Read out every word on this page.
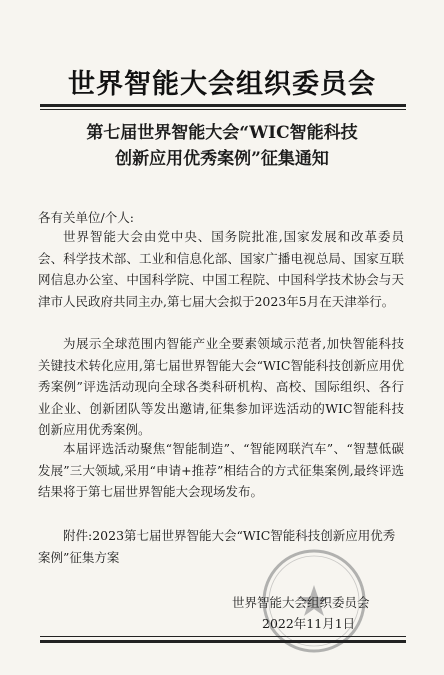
世界智能大会组织委员会
第七届世界智能大会“WIC智能科技
创新应用优秀案例”征集通知
各有关单位/个人:

世界智能大会由党中央、国务院批准,国家发展和改革委员会、科学技术部、工业和信息化部、国家广播电视总局、国家互联网信息办公室、中国科学院、中国工程院、中国科学技术协会与天津市人民政府共同主办,第七届大会拟于2023年5月在天津举行。

为展示全球范围内智能产业全要素领域示范者,加快智能科技关键技术转化应用,第七届世界智能大会“WIC智能科技创新应用优秀案例”评选活动现向全球各类科研机构、高校、国际组织、各行业企业、创新团队等发出邀请,征集参加评选活动的WIC智能科技创新应用优秀案例。

本届评选活动聚焦“智能制造”、“智能网联汽车”、“智慧低碳发展”三大领域,采用“申请+推荐”相结合的方式征集案例,最终评选结果将于第七届世界智能大会现场发布。

附件:2023第七届世界智能大会“WIC智能科技创新应用优秀案例”征集方案

世界智能大会组织委员会
2022年11月1日
